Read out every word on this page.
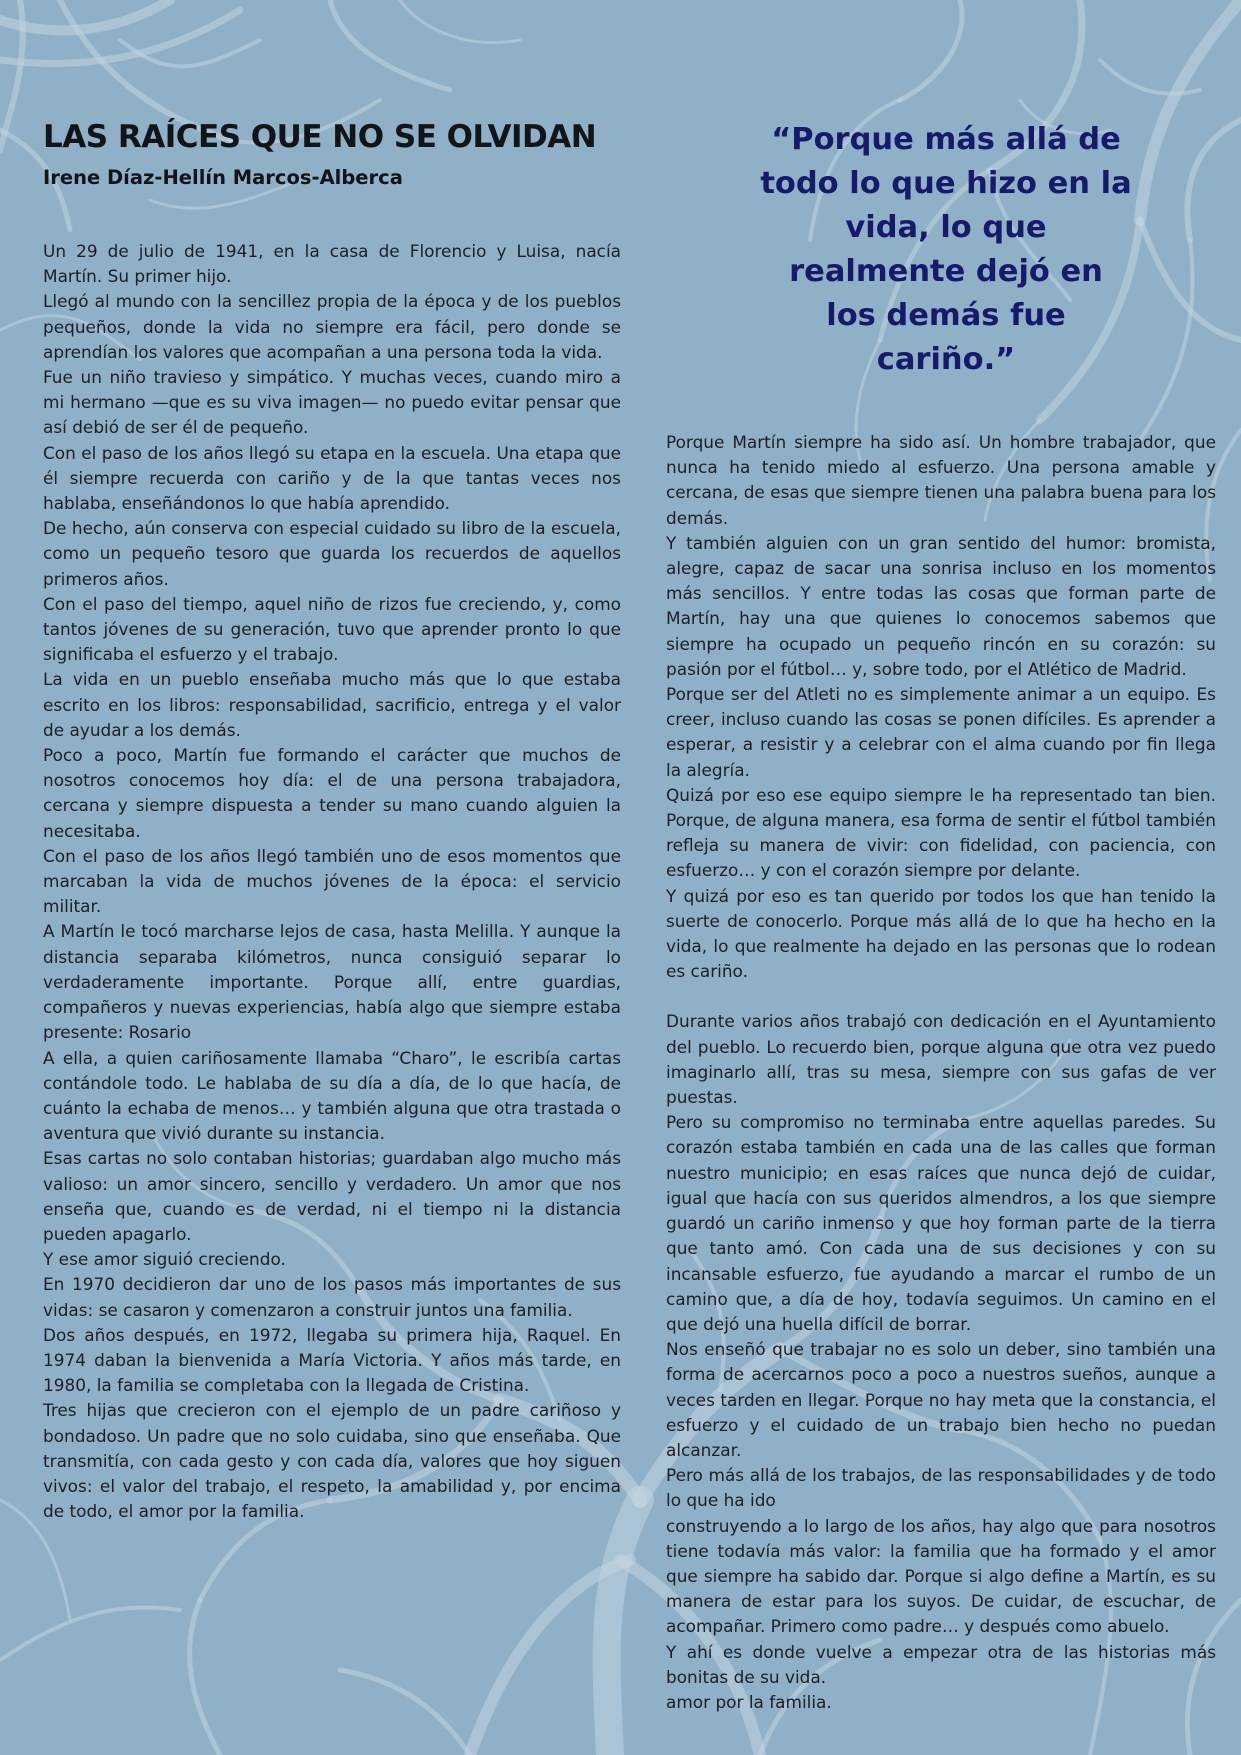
LAS RAÍCES QUE NO SE OLVIDAN
Irene Díaz-Hellín Marcos-Alberca
“Porque más allá de todo lo que hizo en la vida, lo que realmente dejó en los demás fue cariño.”

Un 29 de julio de 1941, en la casa de Florencio y Luisa, nacía Martín. Su primer hijo.

Llegó al mundo con la sencillez propia de la época y de los pueblos pequeños, donde la vida no siempre era fácil, pero donde se aprendían los valores que acompañan a una persona toda la vida.

Fue un niño travieso y simpático. Y muchas veces, cuando miro a mi hermano —que es su viva imagen— no puedo evitar pensar que así debió de ser él de pequeño.

Con el paso de los años llegó su etapa en la escuela. Una etapa que él siempre recuerda con cariño y de la que tantas veces nos hablaba, enseñándonos lo que había aprendido.

De hecho, aún conserva con especial cuidado su libro de la escuela, como un pequeño tesoro que guarda los recuerdos de aquellos primeros años.

Con el paso del tiempo, aquel niño de rizos fue creciendo, y, como tantos jóvenes de su generación, tuvo que aprender pronto lo que significaba el esfuerzo y el trabajo.

La vida en un pueblo enseñaba mucho más que lo que estaba escrito en los libros: responsabilidad, sacrificio, entrega y el valor de ayudar a los demás.

Poco a poco, Martín fue formando el carácter que muchos de nosotros conocemos hoy día: el de una persona trabajadora, cercana y siempre dispuesta a tender su mano cuando alguien la necesitaba.

Con el paso de los años llegó también uno de esos momentos que marcaban la vida de muchos jóvenes de la época: el servicio militar.

A Martín le tocó marcharse lejos de casa, hasta Melilla. Y aunque la distancia separaba kilómetros, nunca consiguió separar lo verdaderamente importante. Porque allí, entre guardias, compañeros y nuevas experiencias, había algo que siempre estaba presente: Rosario

A ella, a quien cariñosamente llamaba “Charo”, le escribía cartas contándole todo. Le hablaba de su día a día, de lo que hacía, de cuánto la echaba de menos… y también alguna que otra trastada o aventura que vivió durante su instancia.

Esas cartas no solo contaban historias; guardaban algo mucho más valioso: un amor sincero, sencillo y verdadero. Un amor que nos enseña que, cuando es de verdad, ni el tiempo ni la distancia pueden apagarlo.

Y ese amor siguió creciendo.

En 1970 decidieron dar uno de los pasos más importantes de sus vidas: se casaron y comenzaron a construir juntos una familia.

Dos años después, en 1972, llegaba su primera hija, Raquel. En 1974 daban la bienvenida a María Victoria. Y años más tarde, en 1980, la familia se completaba con la llegada de Cristina.

Tres hijas que crecieron con el ejemplo de un padre cariñoso y bondadoso. Un padre que no solo cuidaba, sino que enseñaba. Que transmitía, con cada gesto y con cada día, valores que hoy siguen vivos: el valor del trabajo, el respeto, la amabilidad y, por encima de todo, el amor por la familia.

Porque Martín siempre ha sido así. Un hombre trabajador, que nunca ha tenido miedo al esfuerzo. Una persona amable y cercana, de esas que siempre tienen una palabra buena para los demás.

Y también alguien con un gran sentido del humor: bromista, alegre, capaz de sacar una sonrisa incluso en los momentos más sencillos. Y entre todas las cosas que forman parte de Martín, hay una que quienes lo conocemos sabemos que siempre ha ocupado un pequeño rincón en su corazón: su pasión por el fútbol… y, sobre todo, por el Atlético de Madrid.

Porque ser del Atleti no es simplemente animar a un equipo. Es creer, incluso cuando las cosas se ponen difíciles. Es aprender a esperar, a resistir y a celebrar con el alma cuando por fin llega la alegría.

Quizá por eso ese equipo siempre le ha representado tan bien. Porque, de alguna manera, esa forma de sentir el fútbol también refleja su manera de vivir: con fidelidad, con paciencia, con esfuerzo… y con el corazón siempre por delante.

Y quizá por eso es tan querido por todos los que han tenido la suerte de conocerlo. Porque más allá de lo que ha hecho en la vida, lo que realmente ha dejado en las personas que lo rodean es cariño.

Durante varios años trabajó con dedicación en el Ayuntamiento del pueblo. Lo recuerdo bien, porque alguna que otra vez puedo imaginarlo allí, tras su mesa, siempre con sus gafas de ver puestas.

Pero su compromiso no terminaba entre aquellas paredes. Su corazón estaba también en cada una de las calles que forman nuestro municipio; en esas raíces que nunca dejó de cuidar, igual que hacía con sus queridos almendros, a los que siempre guardó un cariño inmenso y que hoy forman parte de la tierra que tanto amó. Con cada una de sus decisiones y con su incansable esfuerzo, fue ayudando a marcar el rumbo de un camino que, a día de hoy, todavía seguimos. Un camino en el que dejó una huella difícil de borrar.

Nos enseñó que trabajar no es solo un deber, sino también una forma de acercarnos poco a poco a nuestros sueños, aunque a veces tarden en llegar. Porque no hay meta que la constancia, el esfuerzo y el cuidado de un trabajo bien hecho no puedan alcanzar.

Pero más allá de los trabajos, de las responsabilidades y de todo lo que ha ido

construyendo a lo largo de los años, hay algo que para nosotros tiene todavía más valor: la familia que ha formado y el amor que siempre ha sabido dar. Porque si algo define a Martín, es su manera de estar para los suyos. De cuidar, de escuchar, de acompañar. Primero como padre… y después como abuelo.

Y ahí es donde vuelve a empezar otra de las historias más bonitas de su vida.

amor por la familia.
